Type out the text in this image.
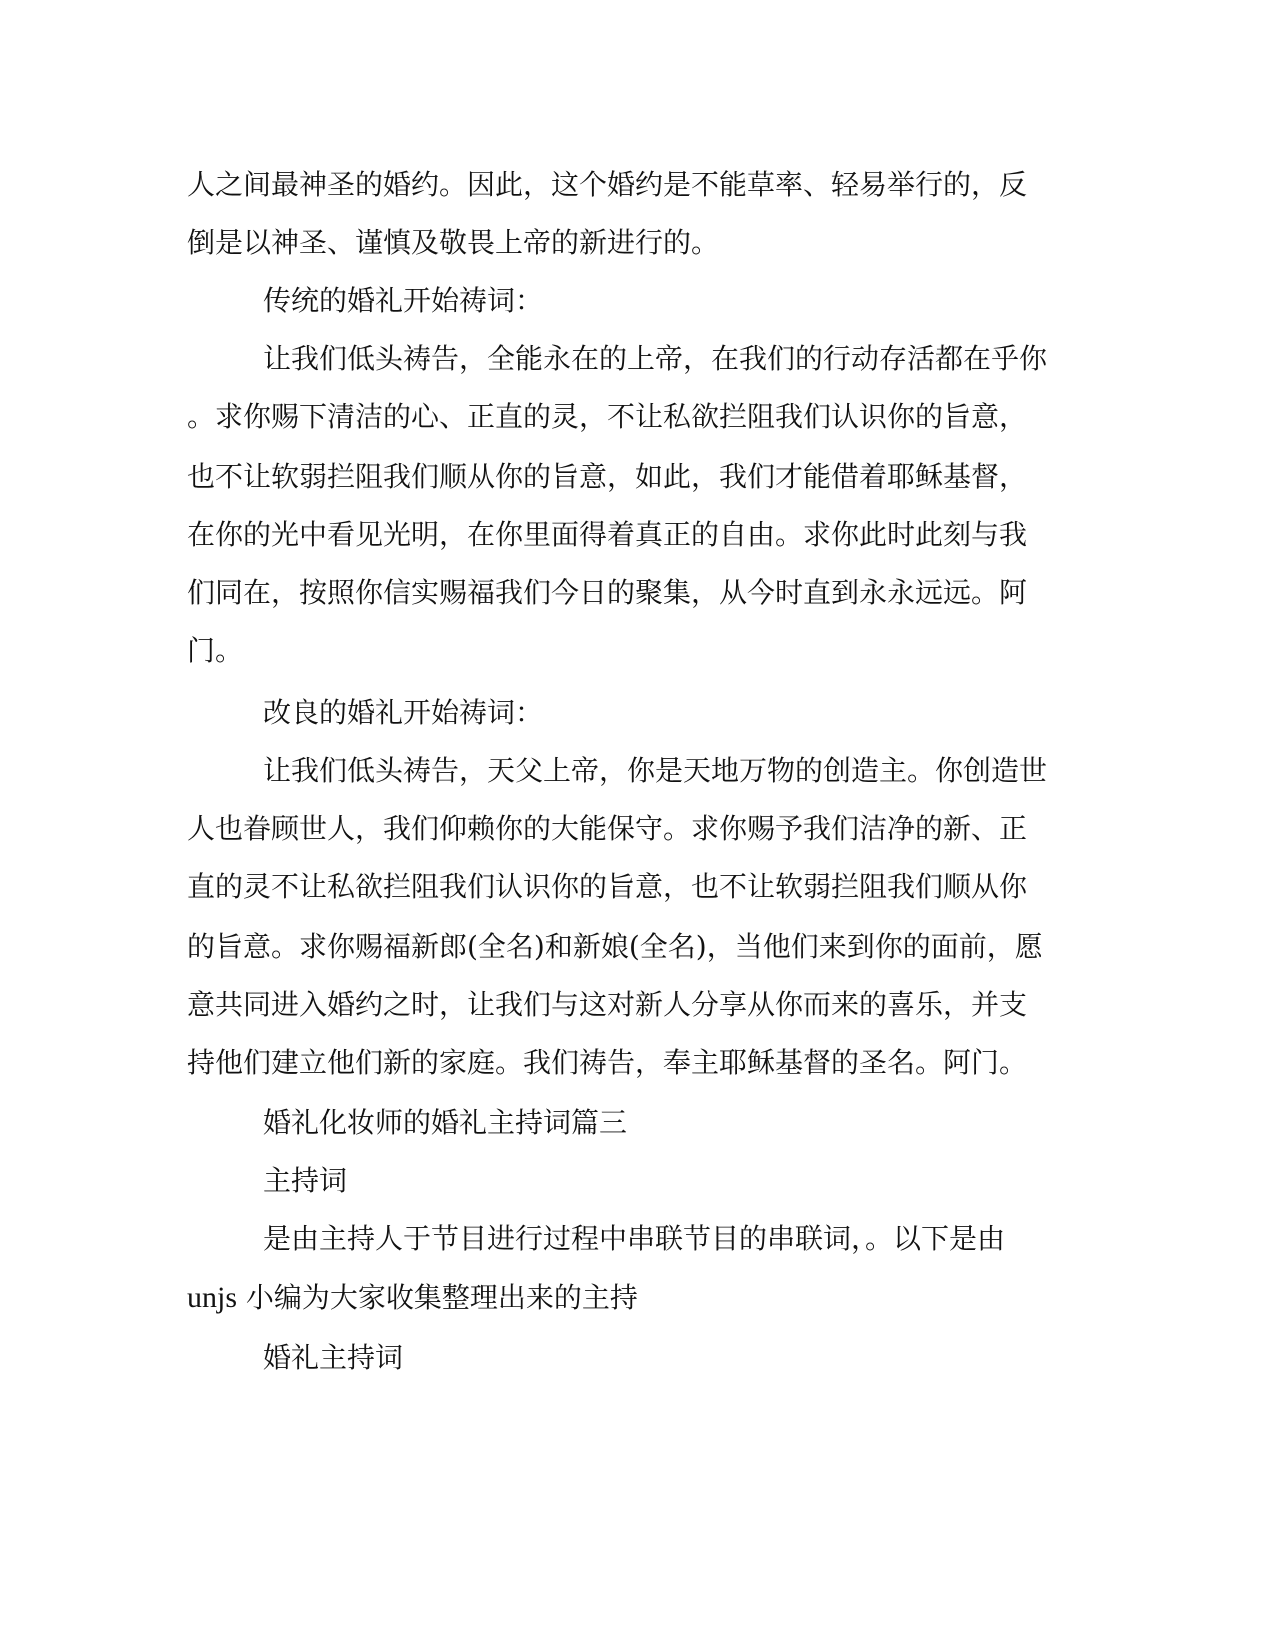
人之间最神圣的婚约。因此，这个婚约是不能草率、轻易举行的，反

倒是以神圣、谨慎及敬畏上帝的新进行的。

传统的婚礼开始祷词：

让我们低头祷告，全能永在的上帝，在我们的行动存活都在乎你

。求你赐下清洁的心、正直的灵，不让私欲拦阻我们认识你的旨意，

也不让软弱拦阻我们顺从你的旨意，如此，我们才能借着耶稣基督，

在你的光中看见光明，在你里面得着真正的自由。求你此时此刻与我

们同在，按照你信实赐福我们今日的聚集，从今时直到永永远远。阿

门。

改良的婚礼开始祷词：

让我们低头祷告，天父上帝，你是天地万物的创造主。你创造世

人也眷顾世人，我们仰赖你的大能保守。求你赐予我们洁净的新、正

直的灵不让私欲拦阻我们认识你的旨意，也不让软弱拦阻我们顺从你

的旨意。求你赐福新郎(全名)和新娘(全名)，当他们来到你的面前，愿

意共同进入婚约之时，让我们与这对新人分享从你而来的喜乐，并支

持他们建立他们新的家庭。我们祷告，奉主耶稣基督的圣名。阿门。

婚礼化妆师的婚礼主持词篇三

主持词

是由主持人于节目进行过程中串联节目的串联词，。以下是由

unjs 小编为大家收集整理出来的主持

婚礼主持词
